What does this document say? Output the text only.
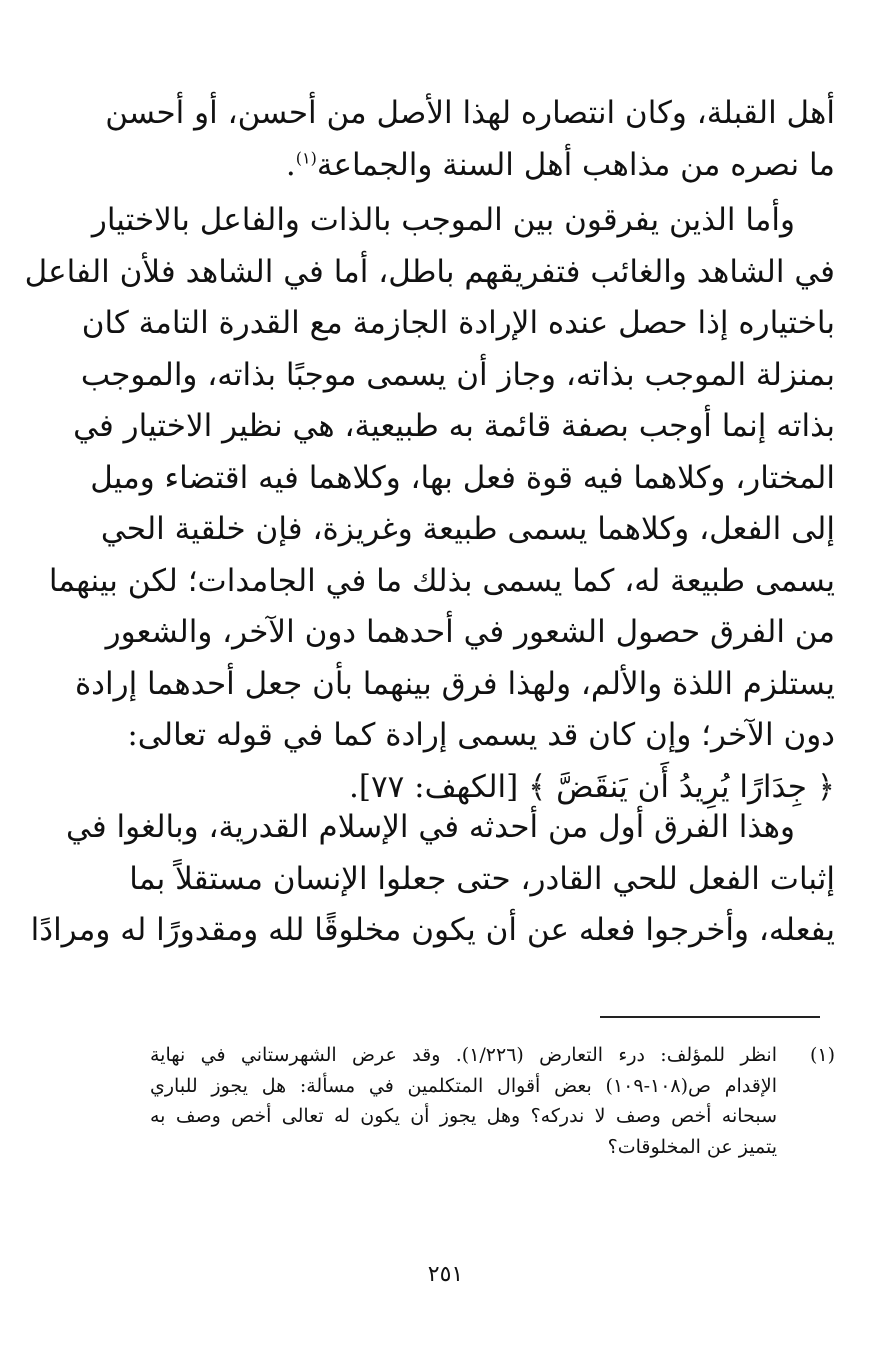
أهل القبلة، وكان انتصاره لهذا الأصل من أحسن، أو أحسن
ما نصره من مذاهب أهل السنة والجماعة$^{(١)}$.

وأما الذين يفرقون بين الموجب بالذات والفاعل بالاختيار
في الشاهد والغائب فتفريقهم باطل، أما في الشاهد فلأن الفاعل
باختياره إذا حصل عنده الإرادة الجازمة مع القدرة التامة كان
بمنزلة الموجب بذاته، وجاز أن يسمى موجبًا بذاته، والموجب
بذاته إنما أوجب بصفة قائمة به طبيعية، هي نظير الاختيار في
المختار، وكلاهما فيه قوة فعل بها، وكلاهما فيه اقتضاء وميل
إلى الفعل، وكلاهما يسمى طبيعة وغريزة، فإن خلقية الحي
يسمى طبيعة له، كما يسمى بذلك ما في الجامدات؛ لكن بينهما
من الفرق حصول الشعور في أحدهما دون الآخر، والشعور
يستلزم اللذة والألم، ولهذا فرق بينهما بأن جعل أحدهما إرادة
دون الآخر؛ وإن كان قد يسمى إرادة كما في قوله تعالى:
﴿ جِدَارًا يُرِيدُ أَن يَنقَضَّ ﴾ [الكهف: ٧٧].

وهذا الفرق أول من أحدثه في الإسلام القدرية، وبالغوا في
إثبات الفعل للحي القادر، حتى جعلوا الإنسان مستقلاً بما
يفعله، وأخرجوا فعله عن أن يكون مخلوقًا لله ومقدورًا له ومرادًا

(١)
انظر للمؤلف: درء التعارض (١/٢٢٦). وقد عرض الشهرستاني في نهاية
الإقدام ص(١٠٨-١٠٩) بعض أقوال المتكلمين في مسألة: هل يجوز للباري
سبحانه أخص وصف لا ندركه؟ وهل يجوز أن يكون له تعالى أخص وصف به
يتميز عن المخلوقات؟
٢٥١
